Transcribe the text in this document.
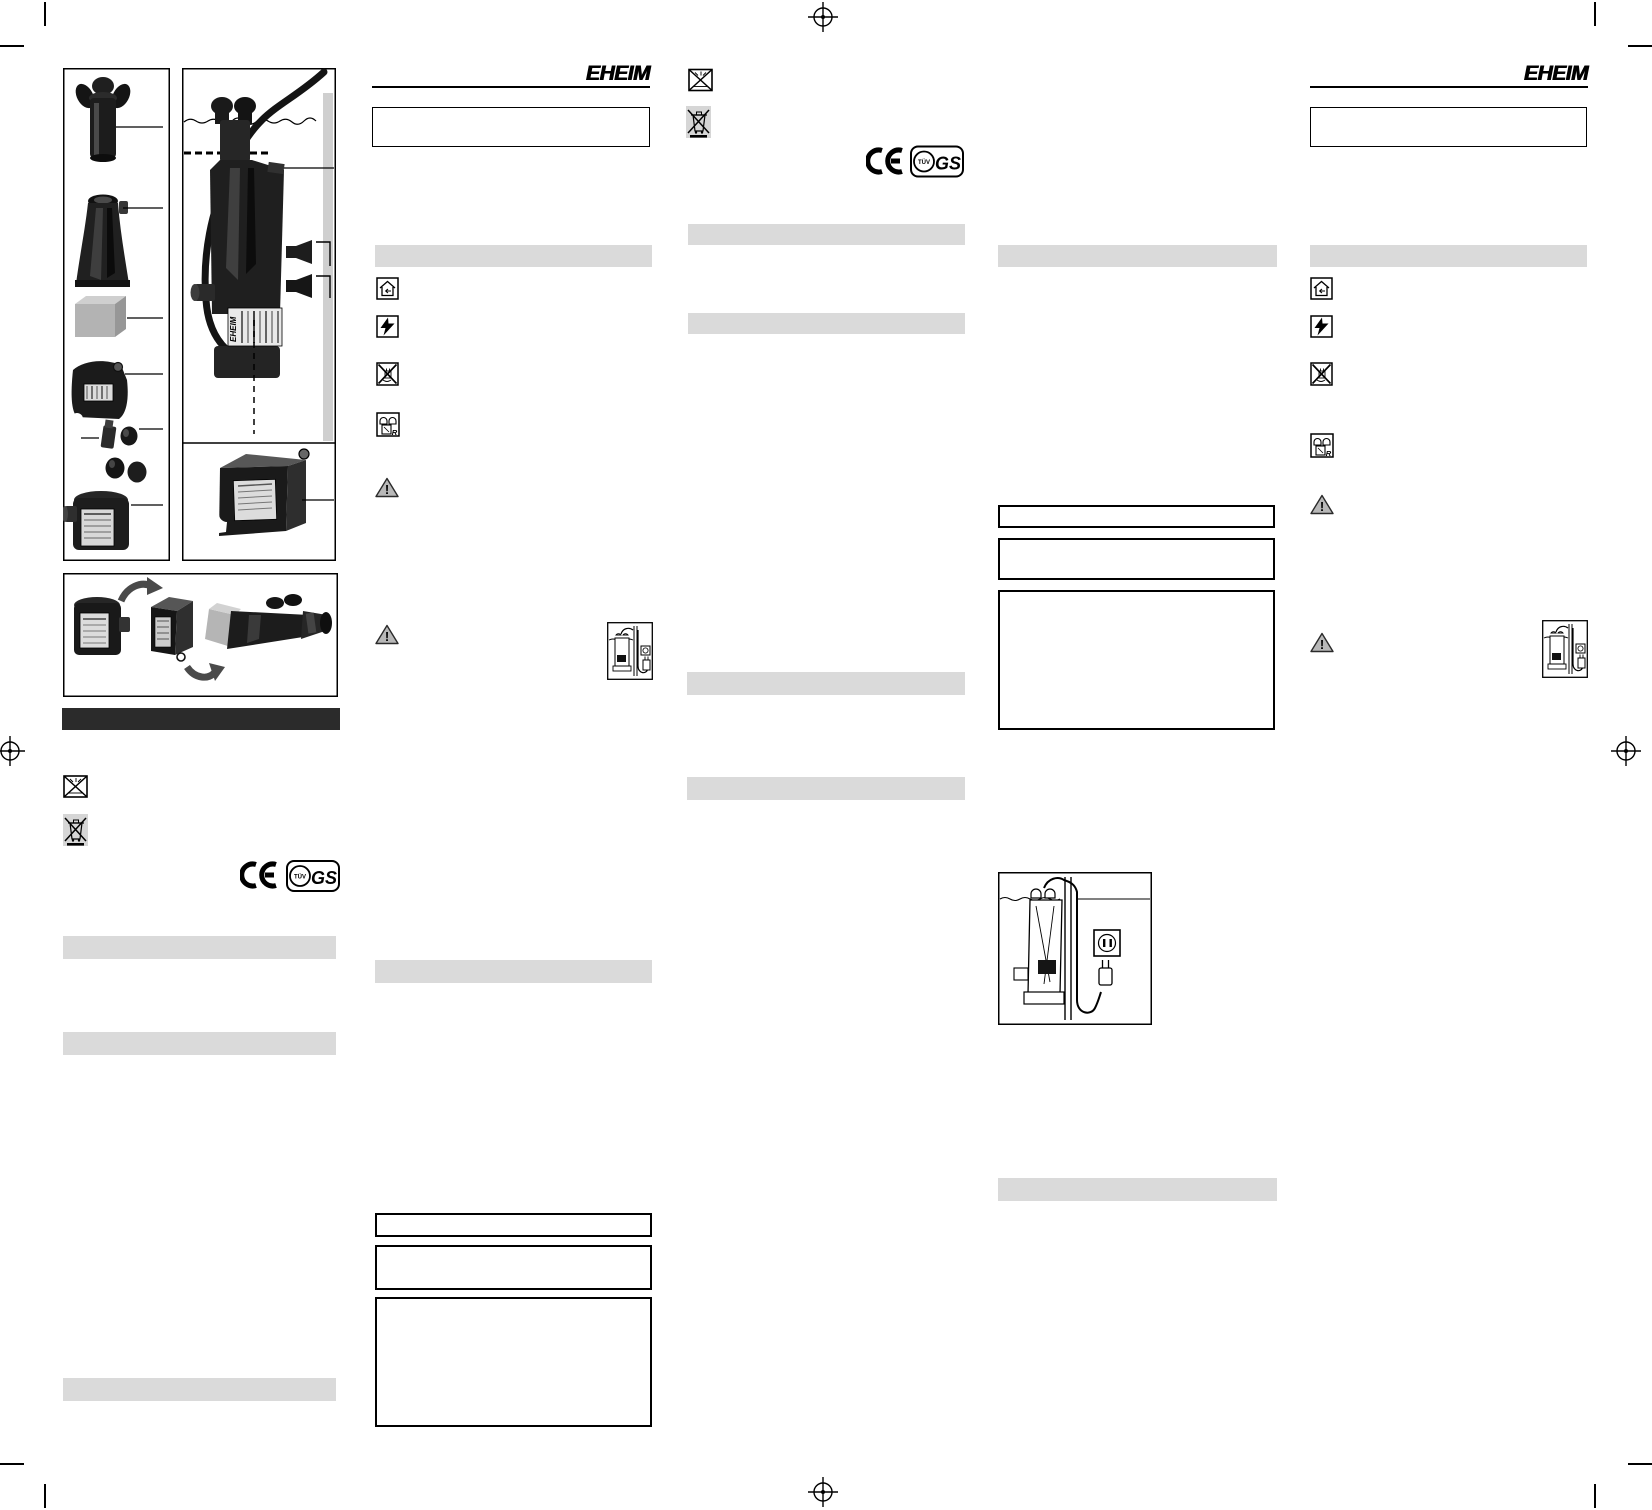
EHEIM
TÜV GS
EHEIM
R
!
!
TÜV GS
EHEIM
R
!
!
